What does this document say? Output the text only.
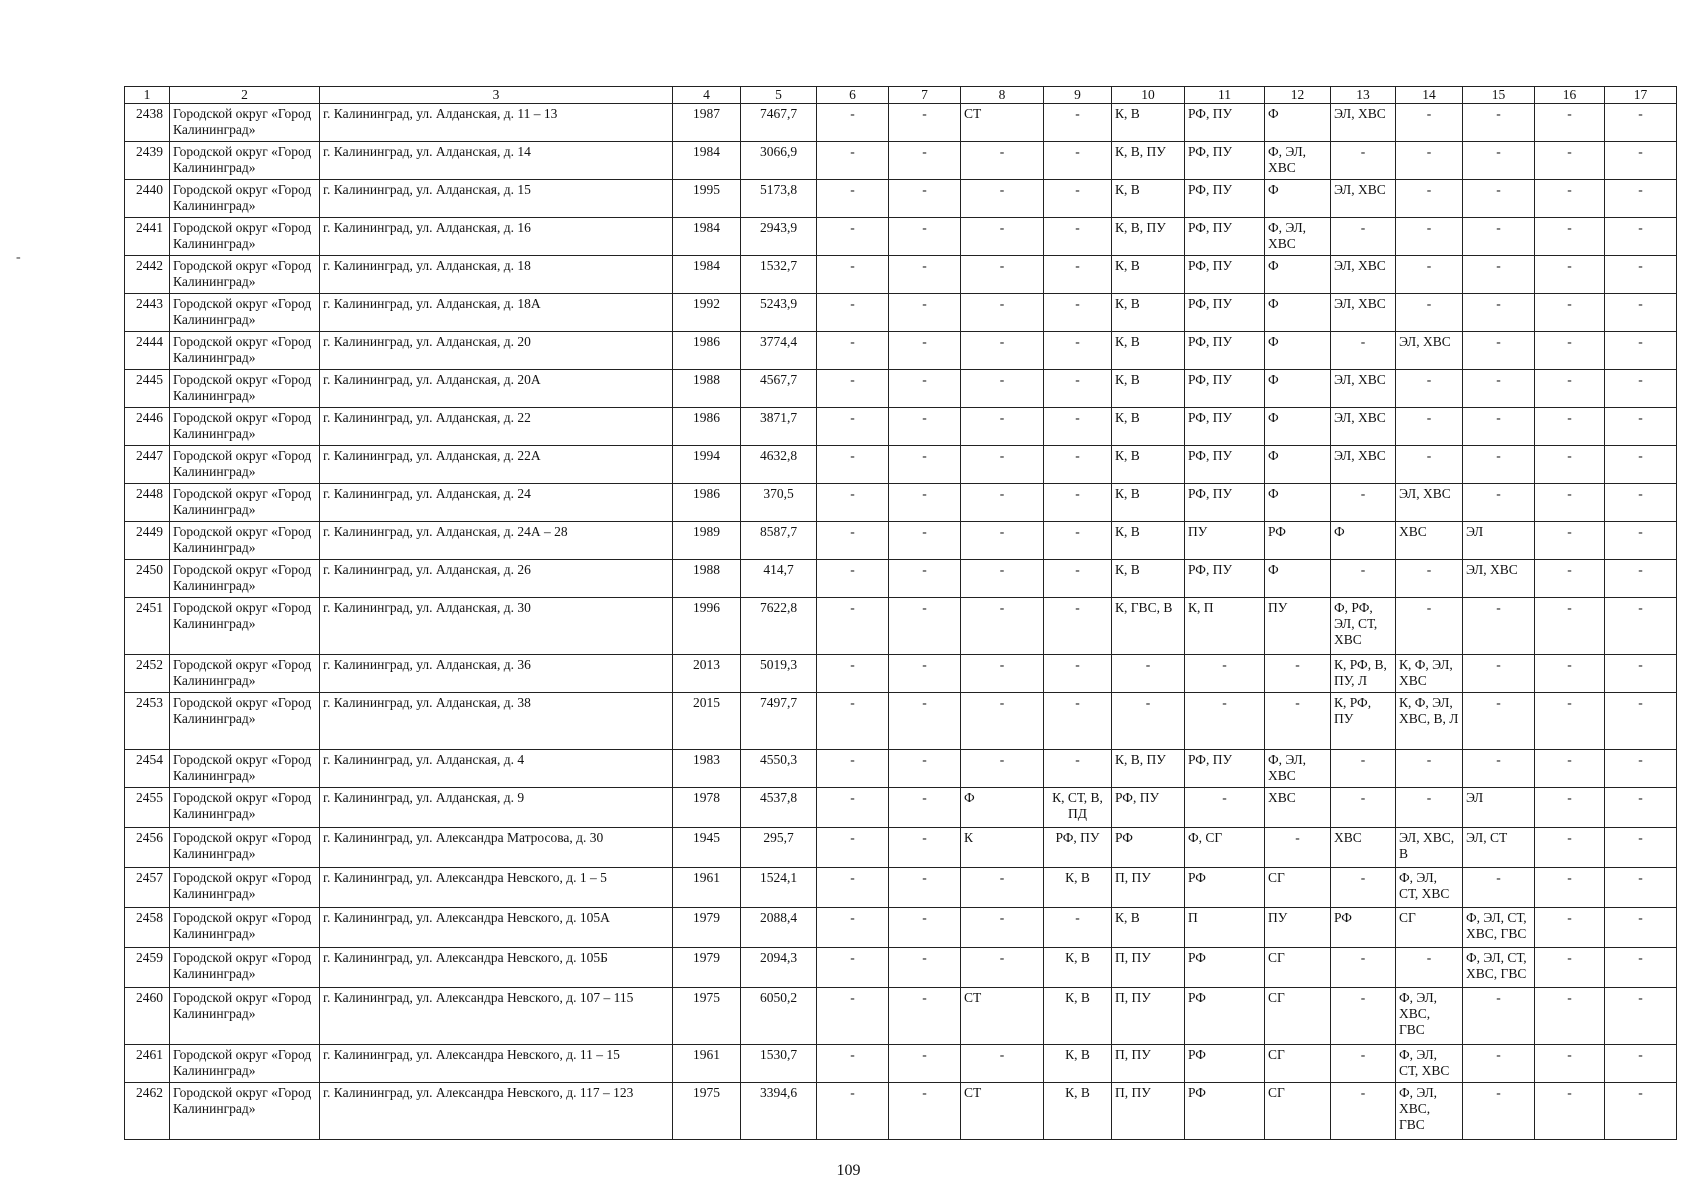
-
1	2	3	4	5	6	7	8	9	10	11	12	13	14	15	16	17
2438	Городской округ «Город Калининград»	г. Калининград, ул. Алданская, д. 11 – 13	1987	7467,7	-	-	СТ	-	К, В	РФ, ПУ	Ф	ЭЛ, ХВС	-	-	-	-
2439	Городской округ «Город Калининград»	г. Калининград, ул. Алданская, д. 14	1984	3066,9	-	-	-	-	К, В, ПУ	РФ, ПУ	Ф, ЭЛ, ХВС	-	-	-	-	-
2440	Городской округ «Город Калининград»	г. Калининград, ул. Алданская, д. 15	1995	5173,8	-	-	-	-	К, В	РФ, ПУ	Ф	ЭЛ, ХВС	-	-	-	-
2441	Городской округ «Город Калининград»	г. Калининград, ул. Алданская, д. 16	1984	2943,9	-	-	-	-	К, В, ПУ	РФ, ПУ	Ф, ЭЛ, ХВС	-	-	-	-	-
2442	Городской округ «Город Калининград»	г. Калининград, ул. Алданская, д. 18	1984	1532,7	-	-	-	-	К, В	РФ, ПУ	Ф	ЭЛ, ХВС	-	-	-	-
2443	Городской округ «Город Калининград»	г. Калининград, ул. Алданская, д. 18А	1992	5243,9	-	-	-	-	К, В	РФ, ПУ	Ф	ЭЛ, ХВС	-	-	-	-
2444	Городской округ «Город Калининград»	г. Калининград, ул. Алданская, д. 20	1986	3774,4	-	-	-	-	К, В	РФ, ПУ	Ф	-	ЭЛ, ХВС	-	-	-
2445	Городской округ «Город Калининград»	г. Калининград, ул. Алданская, д. 20А	1988	4567,7	-	-	-	-	К, В	РФ, ПУ	Ф	ЭЛ, ХВС	-	-	-	-
2446	Городской округ «Город Калининград»	г. Калининград, ул. Алданская, д. 22	1986	3871,7	-	-	-	-	К, В	РФ, ПУ	Ф	ЭЛ, ХВС	-	-	-	-
2447	Городской округ «Город Калининград»	г. Калининград, ул. Алданская, д. 22А	1994	4632,8	-	-	-	-	К, В	РФ, ПУ	Ф	ЭЛ, ХВС	-	-	-	-
2448	Городской округ «Город Калининград»	г. Калининград, ул. Алданская, д. 24	1986	370,5	-	-	-	-	К, В	РФ, ПУ	Ф	-	ЭЛ, ХВС	-	-	-
2449	Городской округ «Город Калининград»	г. Калининград, ул. Алданская, д. 24А – 28	1989	8587,7	-	-	-	-	К, В	ПУ	РФ	Ф	ХВС	ЭЛ	-	-
2450	Городской округ «Город Калининград»	г. Калининград, ул. Алданская, д. 26	1988	414,7	-	-	-	-	К, В	РФ, ПУ	Ф	-	-	ЭЛ, ХВС	-	-
2451	Городской округ «Город Калининград»	г. Калининград, ул. Алданская, д. 30	1996	7622,8	-	-	-	-	К, ГВС, В	К, П	ПУ	Ф, РФ, ЭЛ, СТ, ХВС	-	-	-	-
2452	Городской округ «Город Калининград»	г. Калининград, ул. Алданская, д. 36	2013	5019,3	-	-	-	-	-	-	-	К, РФ, В, ПУ, Л	К, Ф, ЭЛ, ХВС	-	-	-
2453	Городской округ «Город Калининград»	г. Калининград, ул. Алданская, д. 38	2015	7497,7	-	-	-	-	-	-	-	К, РФ, ПУ	К, Ф, ЭЛ, ХВС, В, Л	-	-	-
2454	Городской округ «Город Калининград»	г. Калининград, ул. Алданская, д. 4	1983	4550,3	-	-	-	-	К, В, ПУ	РФ, ПУ	Ф, ЭЛ, ХВС	-	-	-	-	-
2455	Городской округ «Город Калининград»	г. Калининград, ул. Алданская, д. 9	1978	4537,8	-	-	Ф	К, СТ, В, ПД	РФ, ПУ	-	ХВС	-	-	ЭЛ	-	-
2456	Городской округ «Город Калининград»	г. Калининград, ул. Александра Матросова, д. 30	1945	295,7	-	-	К	РФ, ПУ	РФ	Ф, СГ	-	ХВС	ЭЛ, ХВС, В	ЭЛ, СТ	-	-
2457	Городской округ «Город Калининград»	г. Калининград, ул. Александра Невского, д. 1 – 5	1961	1524,1	-	-	-	К, В	П, ПУ	РФ	СГ	-	Ф, ЭЛ, СТ, ХВС	-	-	-
2458	Городской округ «Город Калининград»	г. Калининград, ул. Александра Невского, д. 105А	1979	2088,4	-	-	-	-	К, В	П	ПУ	РФ	СГ	Ф, ЭЛ, СТ, ХВС, ГВС	-	-
2459	Городской округ «Город Калининград»	г. Калининград, ул. Александра Невского, д. 105Б	1979	2094,3	-	-	-	К, В	П, ПУ	РФ	СГ	-	-	Ф, ЭЛ, СТ, ХВС, ГВС	-	-
2460	Городской округ «Город Калининград»	г. Калининград, ул. Александра Невского, д. 107 – 115	1975	6050,2	-	-	СТ	К, В	П, ПУ	РФ	СГ	-	Ф, ЭЛ, ХВС, ГВС	-	-	-
2461	Городской округ «Город Калининград»	г. Калининград, ул. Александра Невского, д. 11 – 15	1961	1530,7	-	-	-	К, В	П, ПУ	РФ	СГ	-	Ф, ЭЛ, СТ, ХВС	-	-	-
2462	Городской округ «Город Калининград»	г. Калининград, ул. Александра Невского, д. 117 – 123	1975	3394,6	-	-	СТ	К, В	П, ПУ	РФ	СГ	-	Ф, ЭЛ, ХВС, ГВС	-	-	-
109
